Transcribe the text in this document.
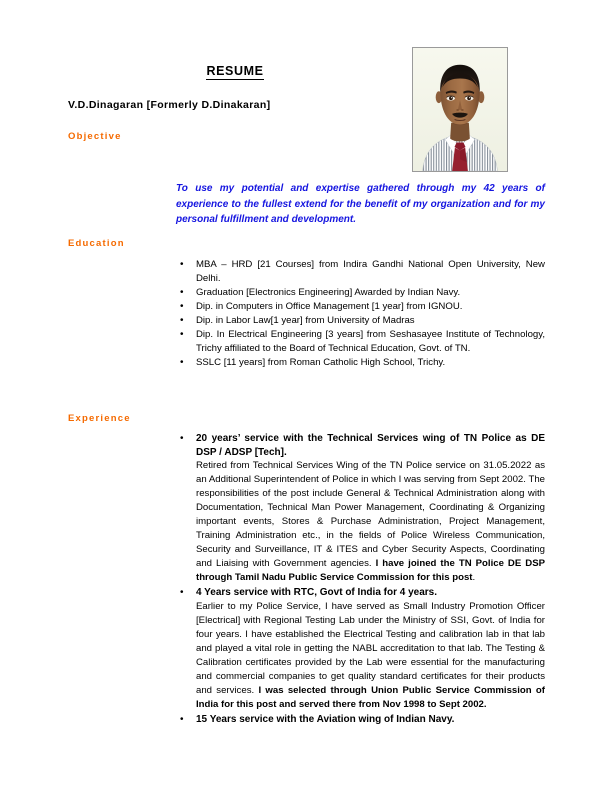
RESUME
V.D.Dinagaran [Formerly D.Dinakaran]
Objective
To use my potential and expertise gathered through my 42 years of experience to the fullest extend for the benefit of my organization and for my personal fulfillment and development.
Education
• MBA – HRD [21 Courses] from Indira Gandhi National Open University, New Delhi.
• Graduation [Electronics Engineering] Awarded by Indian Navy.
• Dip. in Computers in Office Management [1 year] from IGNOU.
• Dip. in Labor Law[1 year] from University of Madras
• Dip. In Electrical Engineering [3 years] from Seshasayee Institute of Technology, Trichy affiliated to the Board of Technical Education, Govt. of TN.
• SSLC [11 years] from Roman Catholic High School, Trichy.
Experience
• 20 years’ service with the Technical Services wing of TN Police as DE DSP / ADSP [Tech].
Retired from Technical Services Wing of the TN Police service on 31.05.2022 as an Additional Superintendent of Police in which I was serving from Sept 2002. The responsibilities of the post include General & Technical Administration along with Documentation, Technical Man Power Management, Coordinating & Organizing important events, Stores & Purchase Administration, Project Management, Training Administration etc., in the fields of Police Wireless Communication, Security and Surveillance, IT & ITES and Cyber Security Aspects, Coordinating and Liaising with Government agencies. I have joined the TN Police DE DSP through Tamil Nadu Public Service Commission for this post.
• 4 Years service with RTC, Govt of India for 4 years.
Earlier to my Police Service, I have served as Small Industry Promotion Officer [Electrical] with Regional Testing Lab under the Ministry of SSI, Govt. of India for four years. I have established the Electrical Testing and calibration lab in that lab and played a vital role in getting the NABL accreditation to that lab. The Testing & Calibration certificates provided by the Lab were essential for the manufacturing and commercial companies to get quality standard certificates for their products and services. I was selected through Union Public Service Commission of India for this post and served there from Nov 1998 to Sept 2002.
• 15 Years service with the Aviation wing of Indian Navy.
